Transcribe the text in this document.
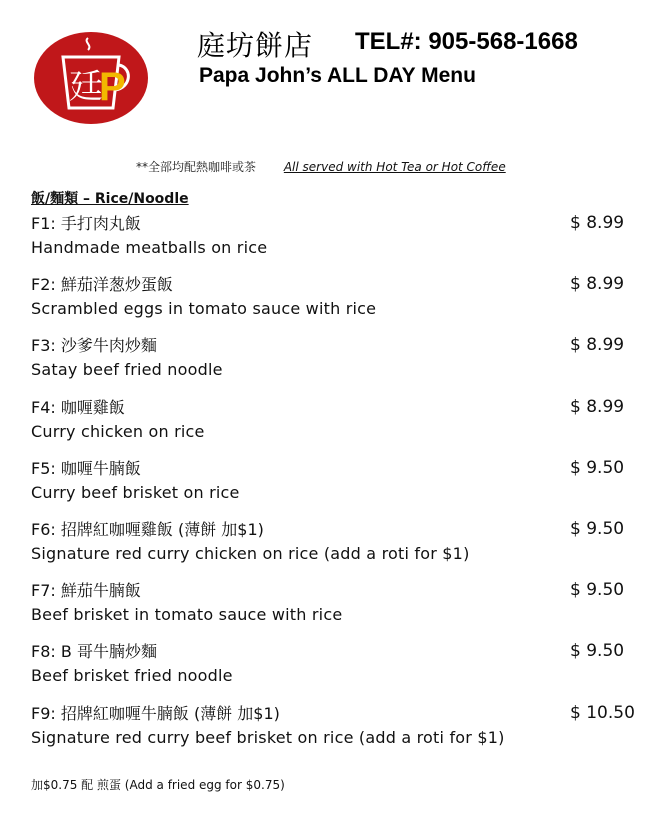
廷
P
庭坊餅店 TEL#: 905-568-1668
Papa John’s ALL DAY Menu
**全部均配熱咖啡或茶 All served with Hot Tea or Hot Coffee
飯/麵類 – Rice/Noodle
F1: 手打肉丸飯
Handmade meatballs on rice
$ 8.99
F2: 鮮茄洋葱炒蛋飯
Scrambled eggs in tomato sauce with rice
$ 8.99
F3: 沙爹牛肉炒麵
Satay beef fried noodle
$ 8.99
F4: 咖喱雞飯
Curry chicken on rice
$ 8.99
F5: 咖喱牛腩飯
Curry beef brisket on rice
$ 9.50
F6: 招牌紅咖喱雞飯 (薄餅 加$1)
Signature red curry chicken on rice (add a roti for $1)
$ 9.50
F7: 鮮茄牛腩飯
Beef brisket in tomato sauce with rice
$ 9.50
F8: B 哥牛腩炒麵
Beef brisket fried noodle
$ 9.50
F9: 招牌紅咖喱牛腩飯 (薄餅 加$1)
Signature red curry beef brisket on rice (add a roti for $1)
$ 10.50
加$0.75 配 煎蛋 (Add a fried egg for $0.75)
